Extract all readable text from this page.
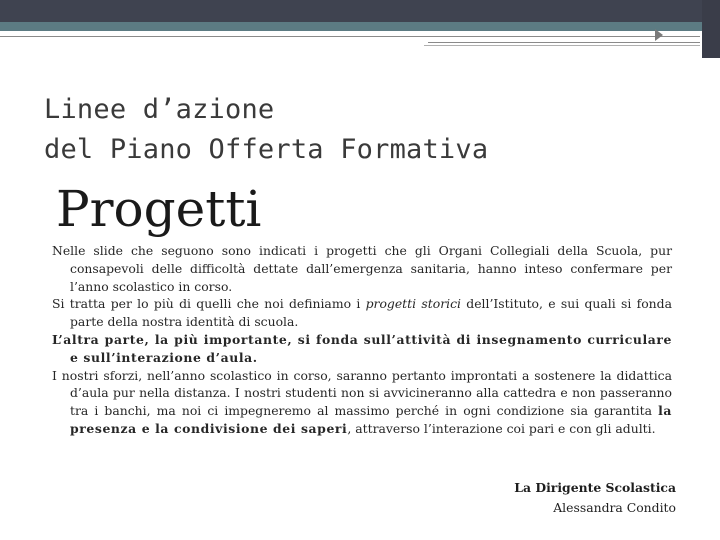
Linee d’azione
del Piano Offerta Formativa
Progetti

Nelle slide che seguono sono indicati i progetti che gli Organi Collegiali della Scuola, pur consapevoli delle difficoltà dettate dall’emergenza sanitaria, hanno inteso confermare per l’anno scolastico in corso.

Si tratta per lo più di quelli che noi definiamo i progetti storici dell’Istituto, e sui quali si fonda parte della nostra identità di scuola.

L’altra parte, la più importante, si fonda sull’attività di insegnamento curriculare e sull’interazione d’aula.

I nostri sforzi, nell’anno scolastico in corso, saranno pertanto improntati a sostenere la didattica d’aula pur nella distanza. I nostri studenti non si avvicineranno alla cattedra e non passeranno tra i banchi, ma noi ci impegneremo al massimo perché in ogni condizione sia garantita la presenza e la condivisione dei saperi, attraverso l’interazione coi pari e con gli adulti.

La Dirigente Scolastica
Alessandra Condito
